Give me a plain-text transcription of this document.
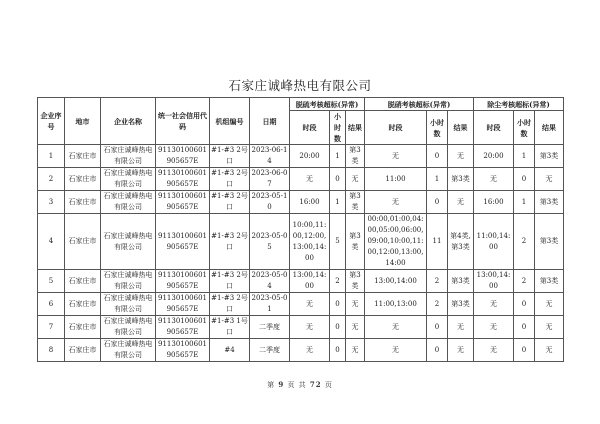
石家庄诚峰热电有限公司
企业序号	地市	企业名称	统一社会信用代码	机组编号	日期	脱硫考核超标(异常)			脱硝考核超标(异常)			除尘考核超标(异常)		
						时段	小时数	结果	时段	小时数	结果	时段	小时数	结果
1	石家庄市	石家庄诚峰热电有限公司	91130100601905657E	#1-#3 2号口	2023-06-14	20:00	1	第3类	无	0	无	20:00	1	第3类
2	石家庄市	石家庄诚峰热电有限公司	91130100601905657E	#1-#3 2号口	2023-06-07	无	0	无	11:00	1	第3类	无	0	无
3	石家庄市	石家庄诚峰热电有限公司	91130100601905657E	#1-#3 2号口	2023-05-10	16:00	1	第3类	无	0	无	16:00	1	第3类
4	石家庄市	石家庄诚峰热电有限公司	91130100601905657E	#1-#3 2号口	2023-05-05	10:00,11:00,12:00,13:00,14:00	5	第3类	00:00,01:00,04:00,05:00,06:00,09:00,10:00,11:00,12:00,13:00,14:00	11	第4类,第3类	11:00,14:00	2	第3类
5	石家庄市	石家庄诚峰热电有限公司	91130100601905657E	#1-#3 2号口	2023-05-04	13:00,14:00	2	第3类	13:00,14:00	2	第3类	13:00,14:00	2	第3类
6	石家庄市	石家庄诚峰热电有限公司	91130100601905657E	#1-#3 2号口	2023-05-01	无	0	无	11:00,13:00	2	第3类	无	0	无
7	石家庄市	石家庄诚峰热电有限公司	91130100601905657E	#1-#3 1号口	二季度	无	0	无	无	0	无	无	0	无
8	石家庄市	石家庄诚峰热电有限公司	91130100601905657E	#4	二季度	无	0	无	无	0	无	无	0	无
第 9 页 共 72 页
